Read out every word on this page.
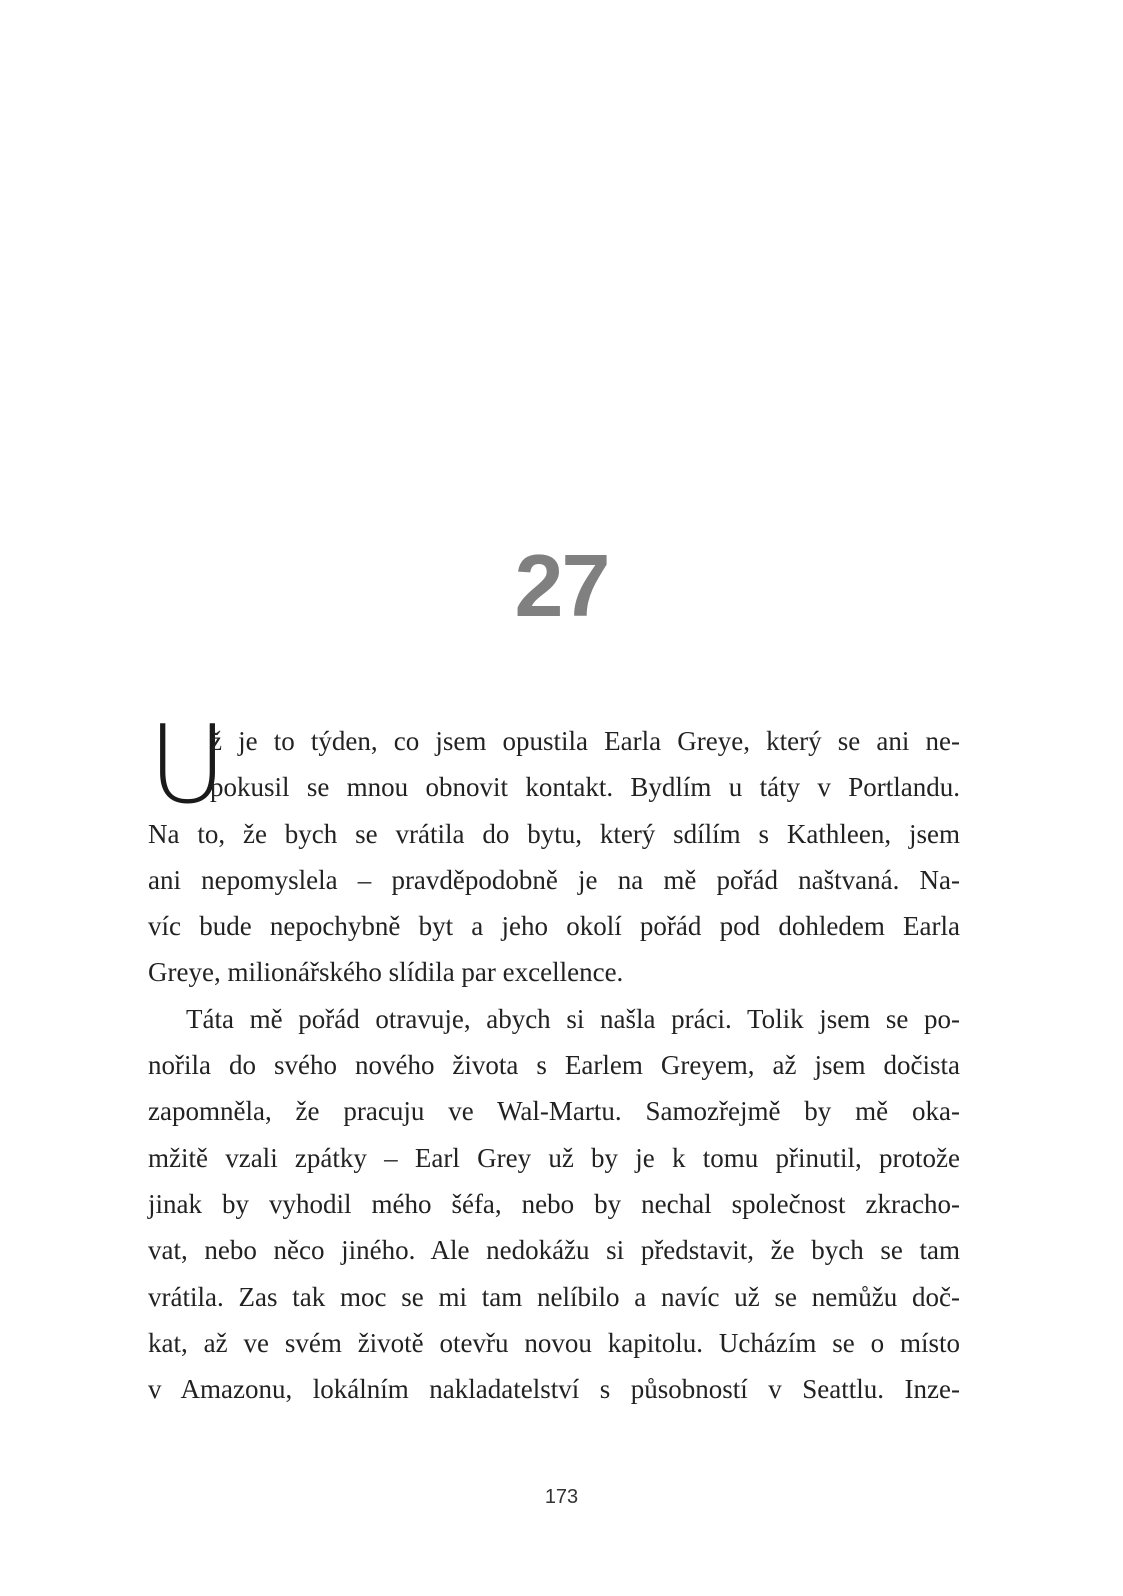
27
U
ž je to týden, co jsem opustila Earla Greye, který se ani ne-
pokusil se mnou obnovit kontakt. Bydlím u táty v Portlandu.
Na to, že bych se vrátila do bytu, který sdílím s Kathleen, jsem
ani nepomyslela – pravděpodobně je na mě pořád naštvaná. Na-
víc bude nepochybně byt a jeho okolí pořád pod dohledem Earla
Greye, milionářského slídila par excellence.
Táta mě pořád otravuje, abych si našla práci. Tolik jsem se po-
nořila do svého nového života s Earlem Greyem, až jsem dočista
zapomněla, že pracuju ve Wal-Martu. Samozřejmě by mě oka-
mžitě vzali zpátky – Earl Grey už by je k tomu přinutil, protože
jinak by vyhodil mého šéfa, nebo by nechal společnost zkracho-
vat, nebo něco jiného. Ale nedokážu si představit, že bych se tam
vrátila. Zas tak moc se mi tam nelíbilo a navíc už se nemůžu doč-
kat, až ve svém životě otevřu novou kapitolu. Ucházím se o místo
v Amazonu, lokálním nakladatelství s působností v Seattlu. Inze-
173
